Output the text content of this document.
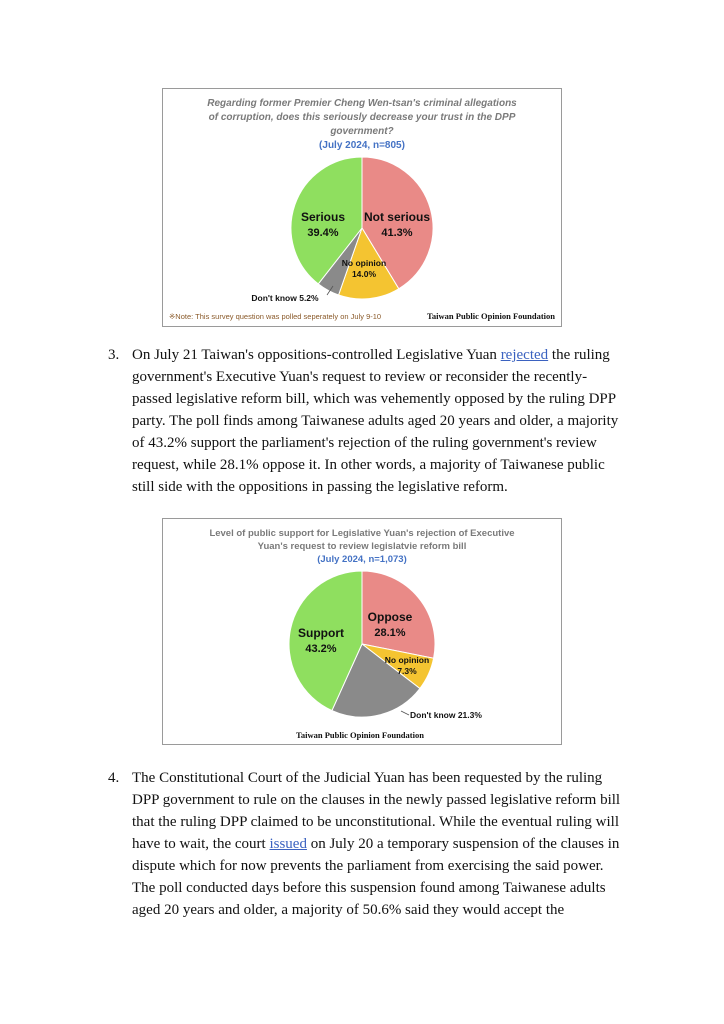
Regarding former Premier Cheng Wen-tsan's criminal allegations
of corruption, does this seriously decrease your trust in the DPP
government?
(July 2024, n=805)
Serious
39.4%
Not serious
41.3%
No opinion
14.0%
Don't know 5.2%
※Note: This survey question was polled seperately on July 9-10	Taiwan Public Opinion Foundation
3. On July 21 Taiwan's oppositions-controlled Legislative Yuan rejected the ruling
government's Executive Yuan's request to review or reconsider the recently-
passed legislative reform bill, which was vehemently opposed by the ruling DPP
party. The poll finds among Taiwanese adults aged 20 years and older, a majority
of 43.2% support the parliament's rejection of the ruling government's review
request, while 28.1% oppose it. In other words, a majority of Taiwanese public
still side with the oppositions in passing the legislative reform.
Level of public support for Legislative Yuan's rejection of Executive
Yuan's request to review legislatvie reform bill
(July 2024, n=1,073)
Support
43.2%
Oppose
28.1%
No opinion
7.3%
Don't know 21.3%
Taiwan Public Opinion Foundation
4. The Constitutional Court of the Judicial Yuan has been requested by the ruling
DPP government to rule on the clauses in the newly passed legislative reform bill
that the ruling DPP claimed to be unconstitutional. While the eventual ruling will
have to wait, the court issued on July 20 a temporary suspension of the clauses in
dispute which for now prevents the parliament from exercising the said power.
The poll conducted days before this suspension found among Taiwanese adults
aged 20 years and older, a majority of 50.6% said they would accept the
